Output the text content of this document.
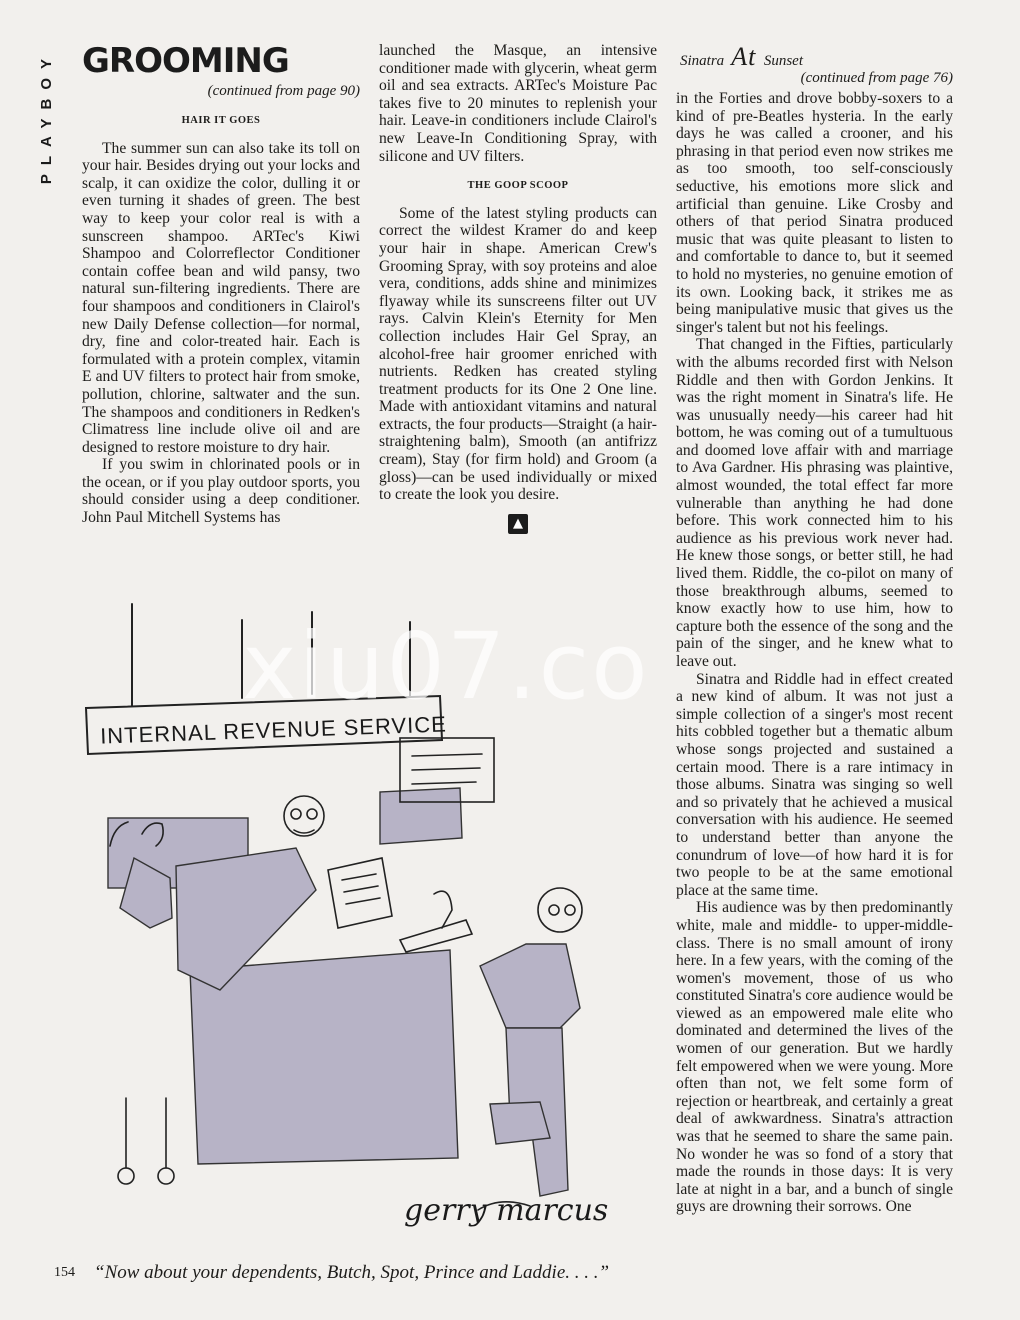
PLAYBOY GROOMING
(continued from page 90)
HAIR IT GOES

The summer sun can also take its toll on your hair. Besides drying out your locks and scalp, it can oxidize the color, dulling it or even turning it shades of green. The best way to keep your color real is with a sunscreen shampoo. ARTec's Kiwi Shampoo and Colorreflector Conditioner contain coffee bean and wild pansy, two natural sun-filtering ingredients. There are four shampoos and conditioners in Clairol's new Daily Defense collection—for normal, dry, fine and color-treated hair. Each is formulated with a protein complex, vitamin E and UV filters to protect hair from smoke, pollution, chlorine, saltwater and the sun. The shampoos and conditioners in Redken's Climatress line include olive oil and are designed to restore moisture to dry hair.

If you swim in chlorinated pools or in the ocean, or if you play outdoor sports, you should consider using a deep conditioner. John Paul Mitchell Systems has

launched the Masque, an intensive conditioner made with glycerin, wheat germ oil and sea extracts. ARTec's Moisture Pac takes five to 20 minutes to replenish your hair. Leave-in conditioners include Clairol's new Leave-In Conditioning Spray, with silicone and UV filters.

THE GOOP SCOOP

Some of the latest styling products can correct the wildest Kramer do and keep your hair in shape. American Crew's Grooming Spray, with soy proteins and aloe vera, conditions, adds shine and minimizes flyaway while its sunscreens filter out UV rays. Calvin Klein's Eternity for Men collection includes Hair Gel Spray, an alcohol-free hair groomer enriched with nutrients. Redken has created styling treatment products for its One 2 One line. Made with antioxidant vitamins and natural extracts, the four products—Straight (a hair-straightening balm), Smooth (an antifrizz cream), Stay (for firm hold) and Groom (a gloss)—can be used individually or mixed to create the look you desire.

▲
Sinatra At Sunset
(continued from page 76)

in the Forties and drove bobby-soxers to a kind of pre-Beatles hysteria. In the early days he was called a crooner, and his phrasing in that period even now strikes me as too smooth, too self-consciously seductive, his emotions more slick and artificial than genuine. Like Crosby and others of that period Sinatra produced music that was quite pleasant to listen to and comfortable to dance to, but it seemed to hold no mysteries, no genuine emotion of its own. Looking back, it strikes me as being manipulative music that gives us the singer's talent but not his feelings.

That changed in the Fifties, particularly with the albums recorded first with Nelson Riddle and then with Gordon Jenkins. It was the right moment in Sinatra's life. He was unusually needy—his career had hit bottom, he was coming out of a tumultuous and doomed love affair with and marriage to Ava Gardner. His phrasing was plaintive, almost wounded, the total effect far more vulnerable than anything he had done before. This work connected him to his audience as his previous work never had. He knew those songs, or better still, he had lived them. Riddle, the co-pilot on many of those breakthrough albums, seemed to know exactly how to use him, how to capture both the essence of the song and the pain of the singer, and he knew what to leave out.

Sinatra and Riddle had in effect created a new kind of album. It was not just a simple collection of a singer's most recent hits cobbled together but a thematic album whose songs projected and sustained a certain mood. There is a rare intimacy in those albums. Sinatra was singing so well and so privately that he achieved a musical conversation with his audience. He seemed to understand better than anyone the conundrum of love—of how hard it is for two people to be at the same emotional place at the same time.

His audience was by then predominantly white, male and middle- to upper-middle-class. There is no small amount of irony here. In a few years, with the coming of the women's movement, those of us who constituted Sinatra's core audience would be viewed as an empowered male elite who dominated and determined the lives of the women of our generation. But we hardly felt empowered when we were young. More often than not, we felt some form of rejection or heartbreak, and certainly a great deal of awkwardness. Sinatra's attraction was that he seemed to share the same pain. No wonder he was so fond of a story that made the rounds in those days: It is very late at night in a bar, and a bunch of single guys are drowning their sorrows. One

INTERNAL REVENUE SERVICE
gerry marcus
154 “Now about your dependents, Butch, Spot, Prince and Laddie. . . .”
xiu07.co
